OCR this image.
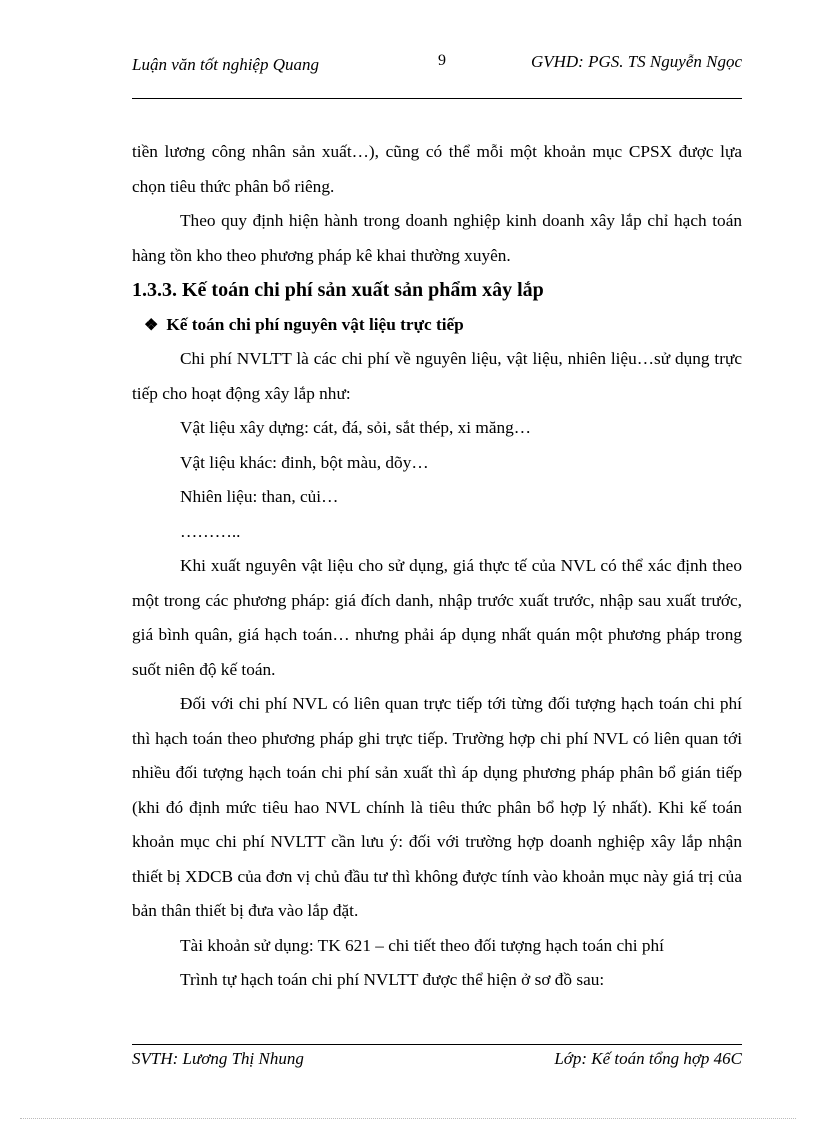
Luận văn tốt nghiệp Quang	9	GVHD: PGS. TS Nguyễn Ngọc

tiền lương công nhân sản xuất…), cũng có thể mỗi một khoản mục CPSX được lựa chọn tiêu thức phân bổ riêng.

Theo quy định hiện hành trong doanh nghiệp kinh doanh xây lắp chỉ hạch toán hàng tồn kho theo phương pháp kê khai thường xuyên.

1.3.3. Kế toán chi phí sản xuất sản phẩm xây lắp
❖ Kế toán chi phí nguyên vật liệu trực tiếp

Chi phí NVLTT là các chi phí về nguyên liệu, vật liệu, nhiên liệu…sử dụng trực tiếp cho hoạt động xây lắp như:

Vật liệu xây dựng: cát, đá, sỏi, sắt thép, xi măng…

Vật liệu khác: đinh, bột màu, dõy…

Nhiên liệu: than, củi…

………..

Khi xuất nguyên vật liệu cho sử dụng, giá thực tế của NVL có thể xác định theo một trong các phương pháp: giá đích danh, nhập trước xuất trước, nhập sau xuất trước, giá bình quân, giá hạch toán… nhưng phải áp dụng nhất quán một phương pháp trong suốt niên độ kế toán.

Đối với chi phí NVL có liên quan trực tiếp tới từng đối tượng hạch toán chi phí thì hạch toán theo phương pháp ghi trực tiếp. Trường hợp chi phí NVL có liên quan tới nhiều đối tượng hạch toán chi phí sản xuất thì áp dụng phương pháp phân bổ gián tiếp (khi đó định mức tiêu hao NVL chính là tiêu thức phân bổ hợp lý nhất). Khi kế toán khoản mục chi phí NVLTT cần lưu ý: đối với trường hợp doanh nghiệp xây lắp nhận thiết bị XDCB của đơn vị chủ đầu tư thì không được tính vào khoản mục này giá trị của bản thân thiết bị đưa vào lắp đặt.

Tài khoản sử dụng: TK 621 – chi tiết theo đối tượng hạch toán chi phí

Trình tự hạch toán chi phí NVLTT được thể hiện ở sơ đồ sau:

SVTH: Lương Thị Nhung	Lớp: Kế toán tổng hợp 46C
